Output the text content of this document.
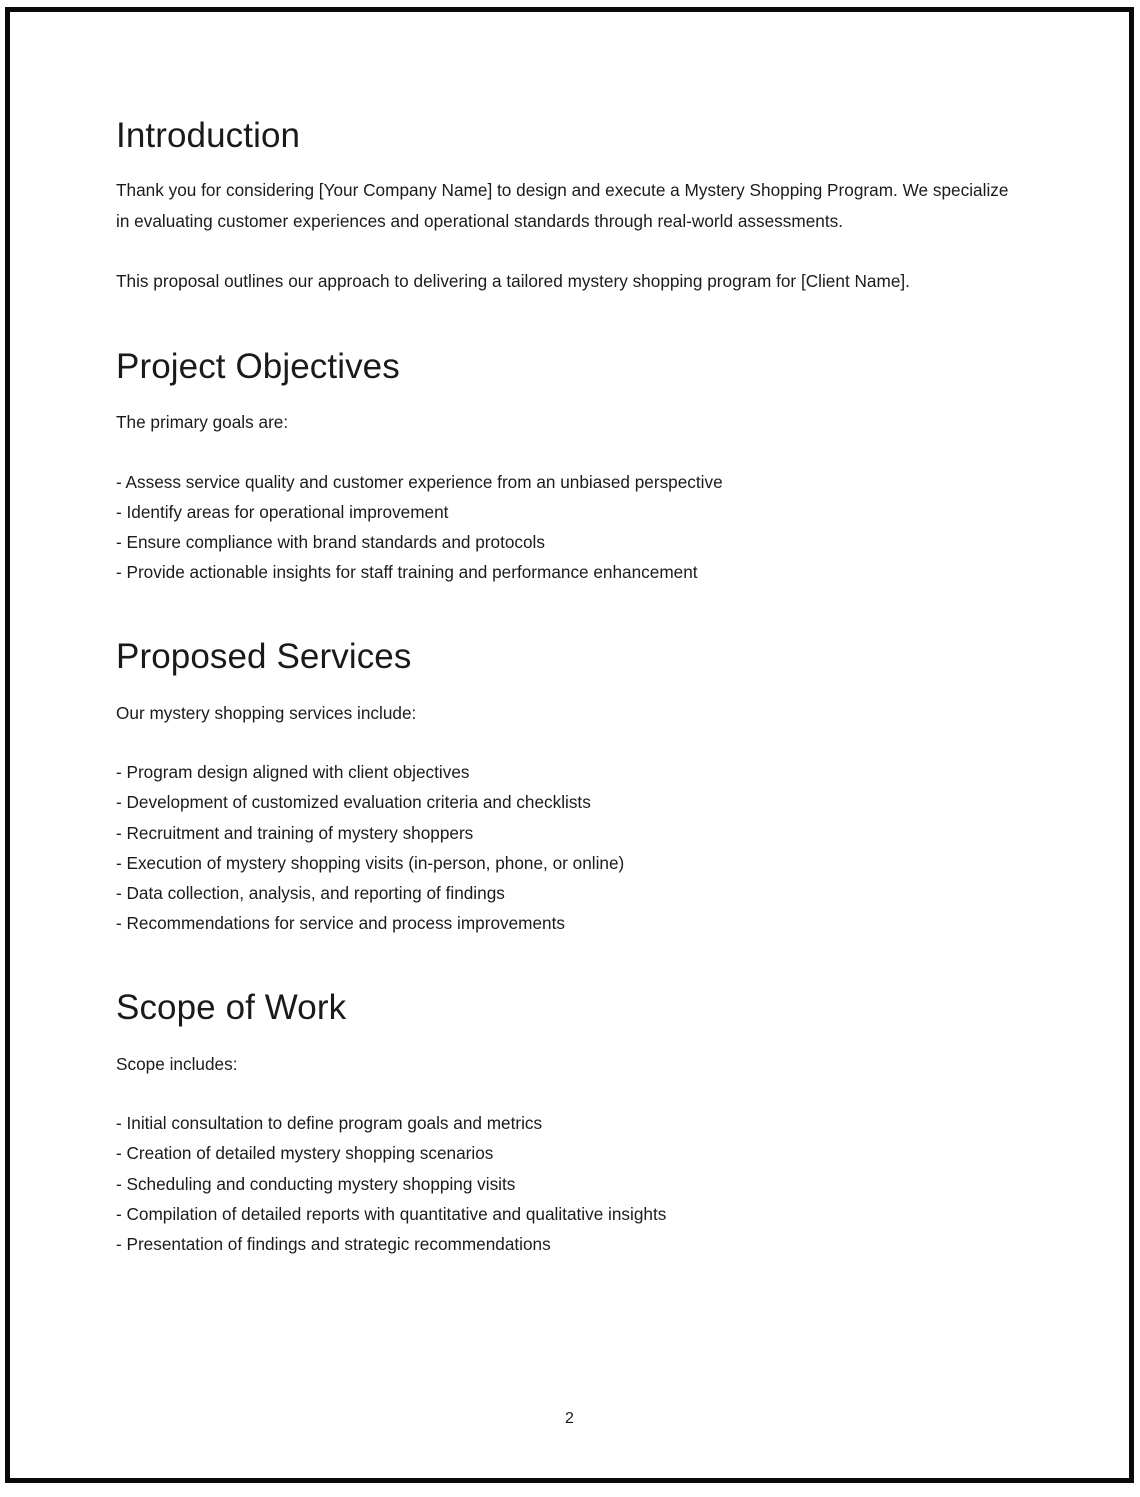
Introduction

Thank you for considering [Your Company Name] to design and execute a Mystery Shopping Program. We specialize in evaluating customer experiences and operational standards through real-world assessments.

This proposal outlines our approach to delivering a tailored mystery shopping program for [Client Name].

Project Objectives

The primary goals are:

- Assess service quality and customer experience from an unbiased perspective
- Identify areas for operational improvement
- Ensure compliance with brand standards and protocols
- Provide actionable insights for staff training and performance enhancement
Proposed Services

Our mystery shopping services include:

- Program design aligned with client objectives
- Development of customized evaluation criteria and checklists
- Recruitment and training of mystery shoppers
- Execution of mystery shopping visits (in-person, phone, or online)
- Data collection, analysis, and reporting of findings
- Recommendations for service and process improvements
Scope of Work

Scope includes:

- Initial consultation to define program goals and metrics
- Creation of detailed mystery shopping scenarios
- Scheduling and conducting mystery shopping visits
- Compilation of detailed reports with quantitative and qualitative insights
- Presentation of findings and strategic recommendations
2
